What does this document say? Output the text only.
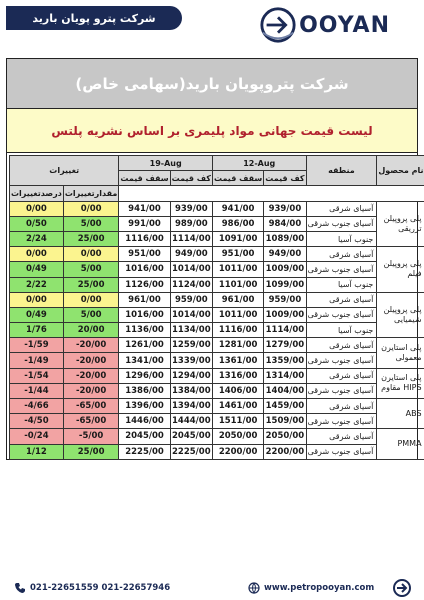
شرکت پترو پویان بارید	OOYAN
شرکت پتروپویان بارید(سهامی خاص)
لیست قیمت جهانی مواد پلیمری بر اساس نشریه پلتس
تغییرات		19-Aug		12-Aug		منطقه	نام محصول
		سقف قیمت	کف قیمت	سقف قیمت	کف قیمت		
درصدتغییرات	مقدارتغییرات						
0/00	0/00	941/00	939/00	941/00	939/00	آسیای شرقی	پلی پروپیلن تزریقی
0/50	5/00	991/00	989/00	986/00	984/00	آسیای جنوب شرقی	
2/24	25/00	1116/00	1114/00	1091/00	1089/00	جنوب آسیا	
0/00	0/00	951/00	949/00	951/00	949/00	آسیای شرقی	پلی پروپیلن فیلم
0/49	5/00	1016/00	1014/00	1011/00	1009/00	آسیای جنوب شرقی	
2/22	25/00	1126/00	1124/00	1101/00	1099/00	جنوب آسیا	
0/00	0/00	961/00	959/00	961/00	959/00	آسیای شرقی	پلی پروپیلن شیمیایی
0/49	5/00	1016/00	1014/00	1011/00	1009/00	آسیای جنوب شرقی	
1/76	20/00	1136/00	1134/00	1116/00	1114/00	جنوب آسیا	
-1/59	-20/00	1261/00	1259/00	1281/00	1279/00	آسیای شرقی	پلی استایرن معمولی
-1/49	-20/00	1341/00	1339/00	1361/00	1359/00	آسیای جنوب شرقی	
-1/54	-20/00	1296/00	1294/00	1316/00	1314/00	آسیای شرقی	پلی استایرن مقاوم HIPS
-1/44	-20/00	1386/00	1384/00	1406/00	1404/00	آسیای جنوب شرقی	
-4/66	-65/00	1396/00	1394/00	1461/00	1459/00	آسیای شرقی	ABS
-4/50	-65/00	1446/00	1444/00	1511/00	1509/00	آسیای جنوب شرقی	
-0/24	-5/00	2045/00	2045/00	2050/00	2050/00	آسیای شرقی	PMMA
1/12	25/00	2225/00	2225/00	2200/00	2200/00	آسیای جنوب شرقی	
021-22651559 021-22657946	www.petropooyan.com
